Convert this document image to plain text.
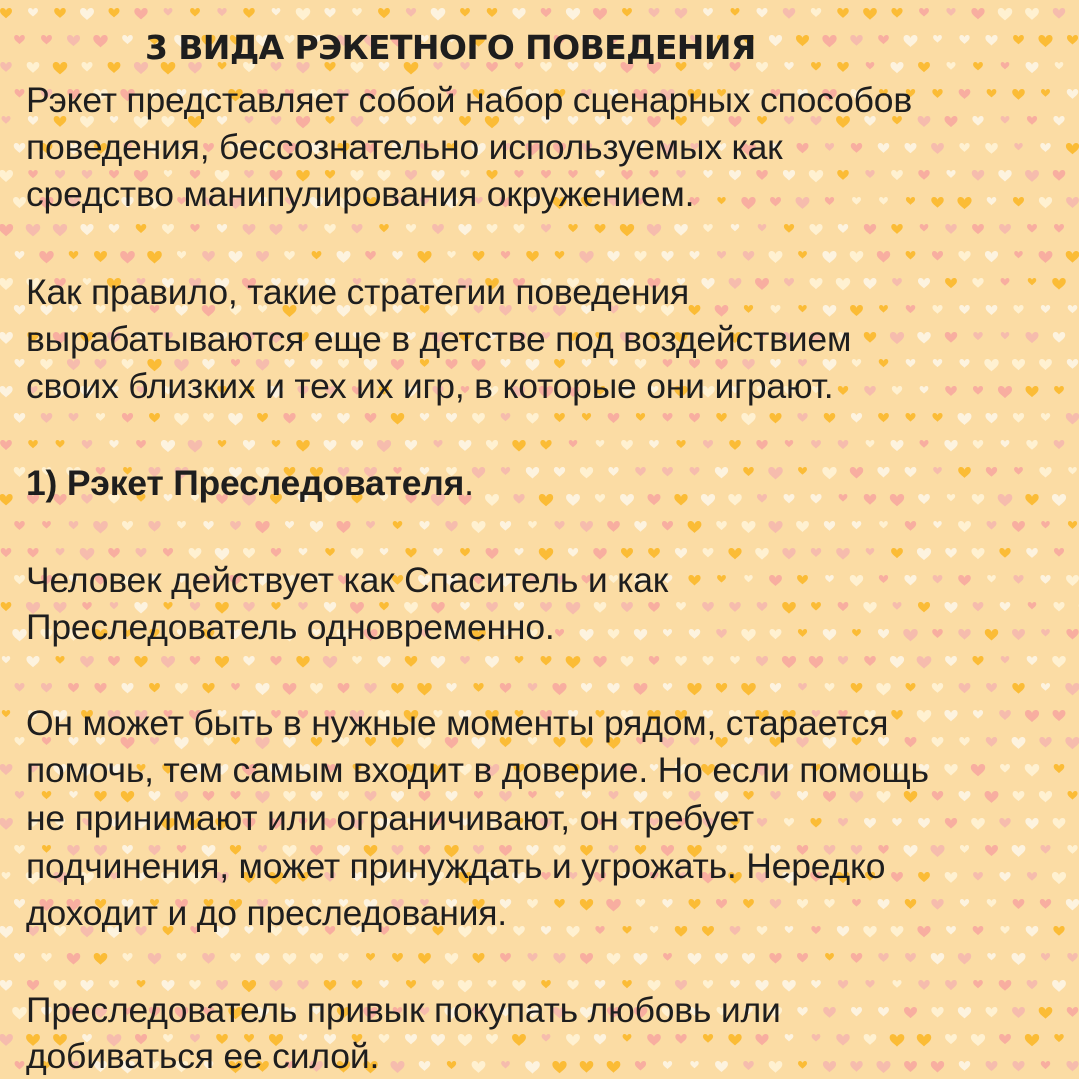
3 ВИДА РЭКЕТНОГО ПОВЕДЕНИЯ

Рэкет представляет собой набор сценарных способов

поведения, бессознательно используемых как

средство манипулирования окружением.

Как правило, такие стратегии поведения

вырабатываются еще в детстве под воздействием

своих близких и тех их игр, в которые они играют.

1) Рэкет Преследователя.

Человек действует как Спаситель и как

Преследователь одновременно.

Он может быть в нужные моменты рядом, старается

помочь, тем самым входит в доверие. Но если помощь

не принимают или ограничивают, он требует

подчинения, может принуждать и угрожать. Нередко

доходит и до преследования.

Преследователь привык покупать любовь или

добиваться ее силой.
